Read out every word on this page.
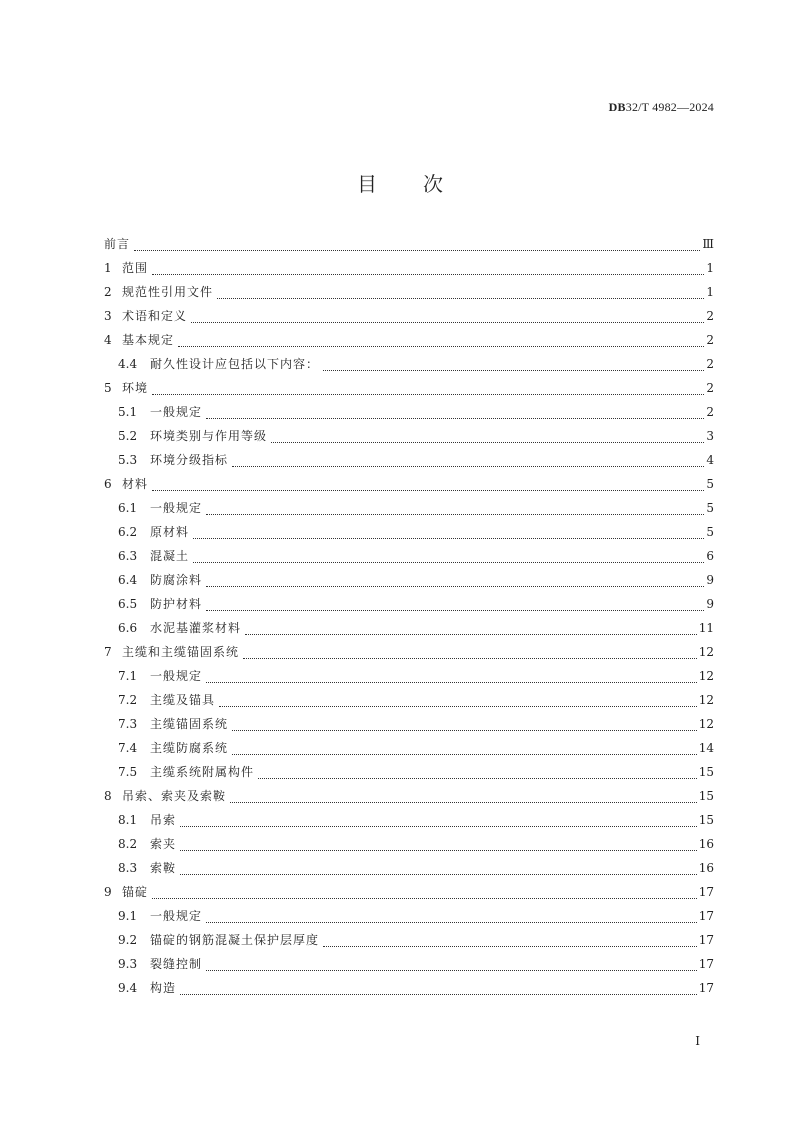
DB32/T 4982—2024
目次
前言	Ⅲ
1 范围	1
2 规范性引用文件	1
3 术语和定义	2
4 基本规定	2
4.4	耐久性设计应包括以下内容：	2
5 环境	2
5.1	一般规定	2
5.2	环境类别与作用等级	3
5.3	环境分级指标	4
6 材料	5
6.1	一般规定	5
6.2	原材料	5
6.3	混凝土	6
6.4	防腐涂料	9
6.5	防护材料	9
6.6	水泥基灌浆材料	11
7 主缆和主缆锚固系统	12
7.1	一般规定	12
7.2	主缆及锚具	12
7.3	主缆锚固系统	12
7.4	主缆防腐系统	14
7.5	主缆系统附属构件	15
8 吊索、索夹及索鞍	15
8.1	吊索	15
8.2	索夹	16
8.3	索鞍	16
9 锚碇	17
9.1	一般规定	17
9.2	锚碇的钢筋混凝土保护层厚度	17
9.3	裂缝控制	17
9.4	构造	17
Ⅰ
